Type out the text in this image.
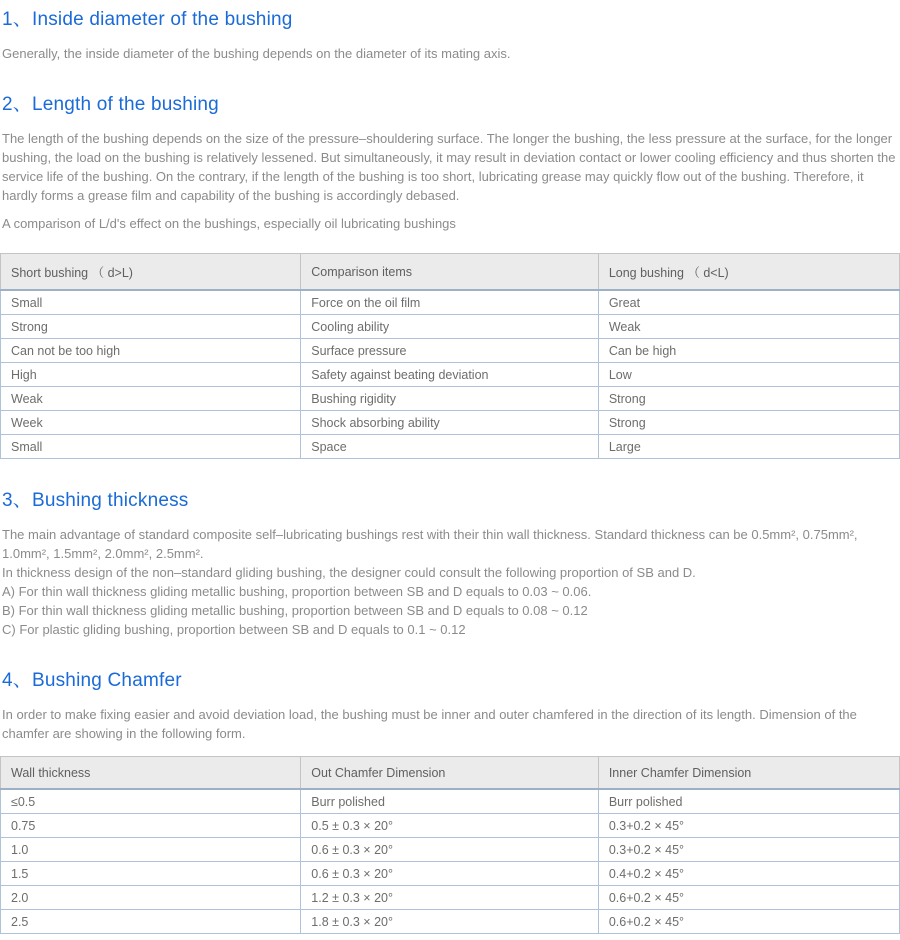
1、Inside diameter of the bushing

Generally, the inside diameter of the bushing depends on the diameter of its mating axis.

2、Length of the bushing

The length of the bushing depends on the size of the pressure–shouldering surface. The longer the bushing, the less pressure at the surface, for the longer bushing, the load on the bushing is relatively lessened. But simultaneously, it may result in deviation contact or lower cooling efficiency and thus shorten the service life of the bushing. On the contrary, if the length of the bushing is too short, lubricating grease may quickly flow out of the bushing. Therefore, it hardly forms a grease film and capability of the bushing is accordingly debased.

A comparison of L/d's effect on the bushings, especially oil lubricating bushings

Short bushing （ d>L)	Comparison items	Long bushing （ d<L)
Small	Force on the oil film	Great
Strong	Cooling ability	Weak
Can not be too high	Surface pressure	Can be high
High	Safety against beating deviation	Low
Weak	Bushing rigidity	Strong
Week	Shock absorbing ability	Strong
Small	Space	Large
3、Bushing thickness
The main advantage of standard composite self–lubricating bushings rest with their thin wall thickness. Standard thickness can be 0.5mm², 0.75mm², 1.0mm², 1.5mm², 2.0mm², 2.5mm².
In thickness design of the non–standard gliding bushing, the designer could consult the following proportion of SB and D.
A) For thin wall thickness gliding metallic bushing, proportion between SB and D equals to 0.03 ~ 0.06.
B) For thin wall thickness gliding metallic bushing, proportion between SB and D equals to 0.08 ~ 0.12
C) For plastic gliding bushing, proportion between SB and D equals to 0.1 ~ 0.12
4、Bushing Chamfer

In order to make fixing easier and avoid deviation load, the bushing must be inner and outer chamfered in the direction of its length. Dimension of the chamfer are showing in the following form.

Wall thickness	Out Chamfer Dimension	Inner Chamfer Dimension
≤0.5	Burr polished	Burr polished
0.75	0.5 ± 0.3 × 20°	0.3+0.2 × 45°
1.0	0.6 ± 0.3 × 20°	0.3+0.2 × 45°
1.5	0.6 ± 0.3 × 20°	0.4+0.2 × 45°
2.0	1.2 ± 0.3 × 20°	0.6+0.2 × 45°
2.5	1.8 ± 0.3 × 20°	0.6+0.2 × 45°
